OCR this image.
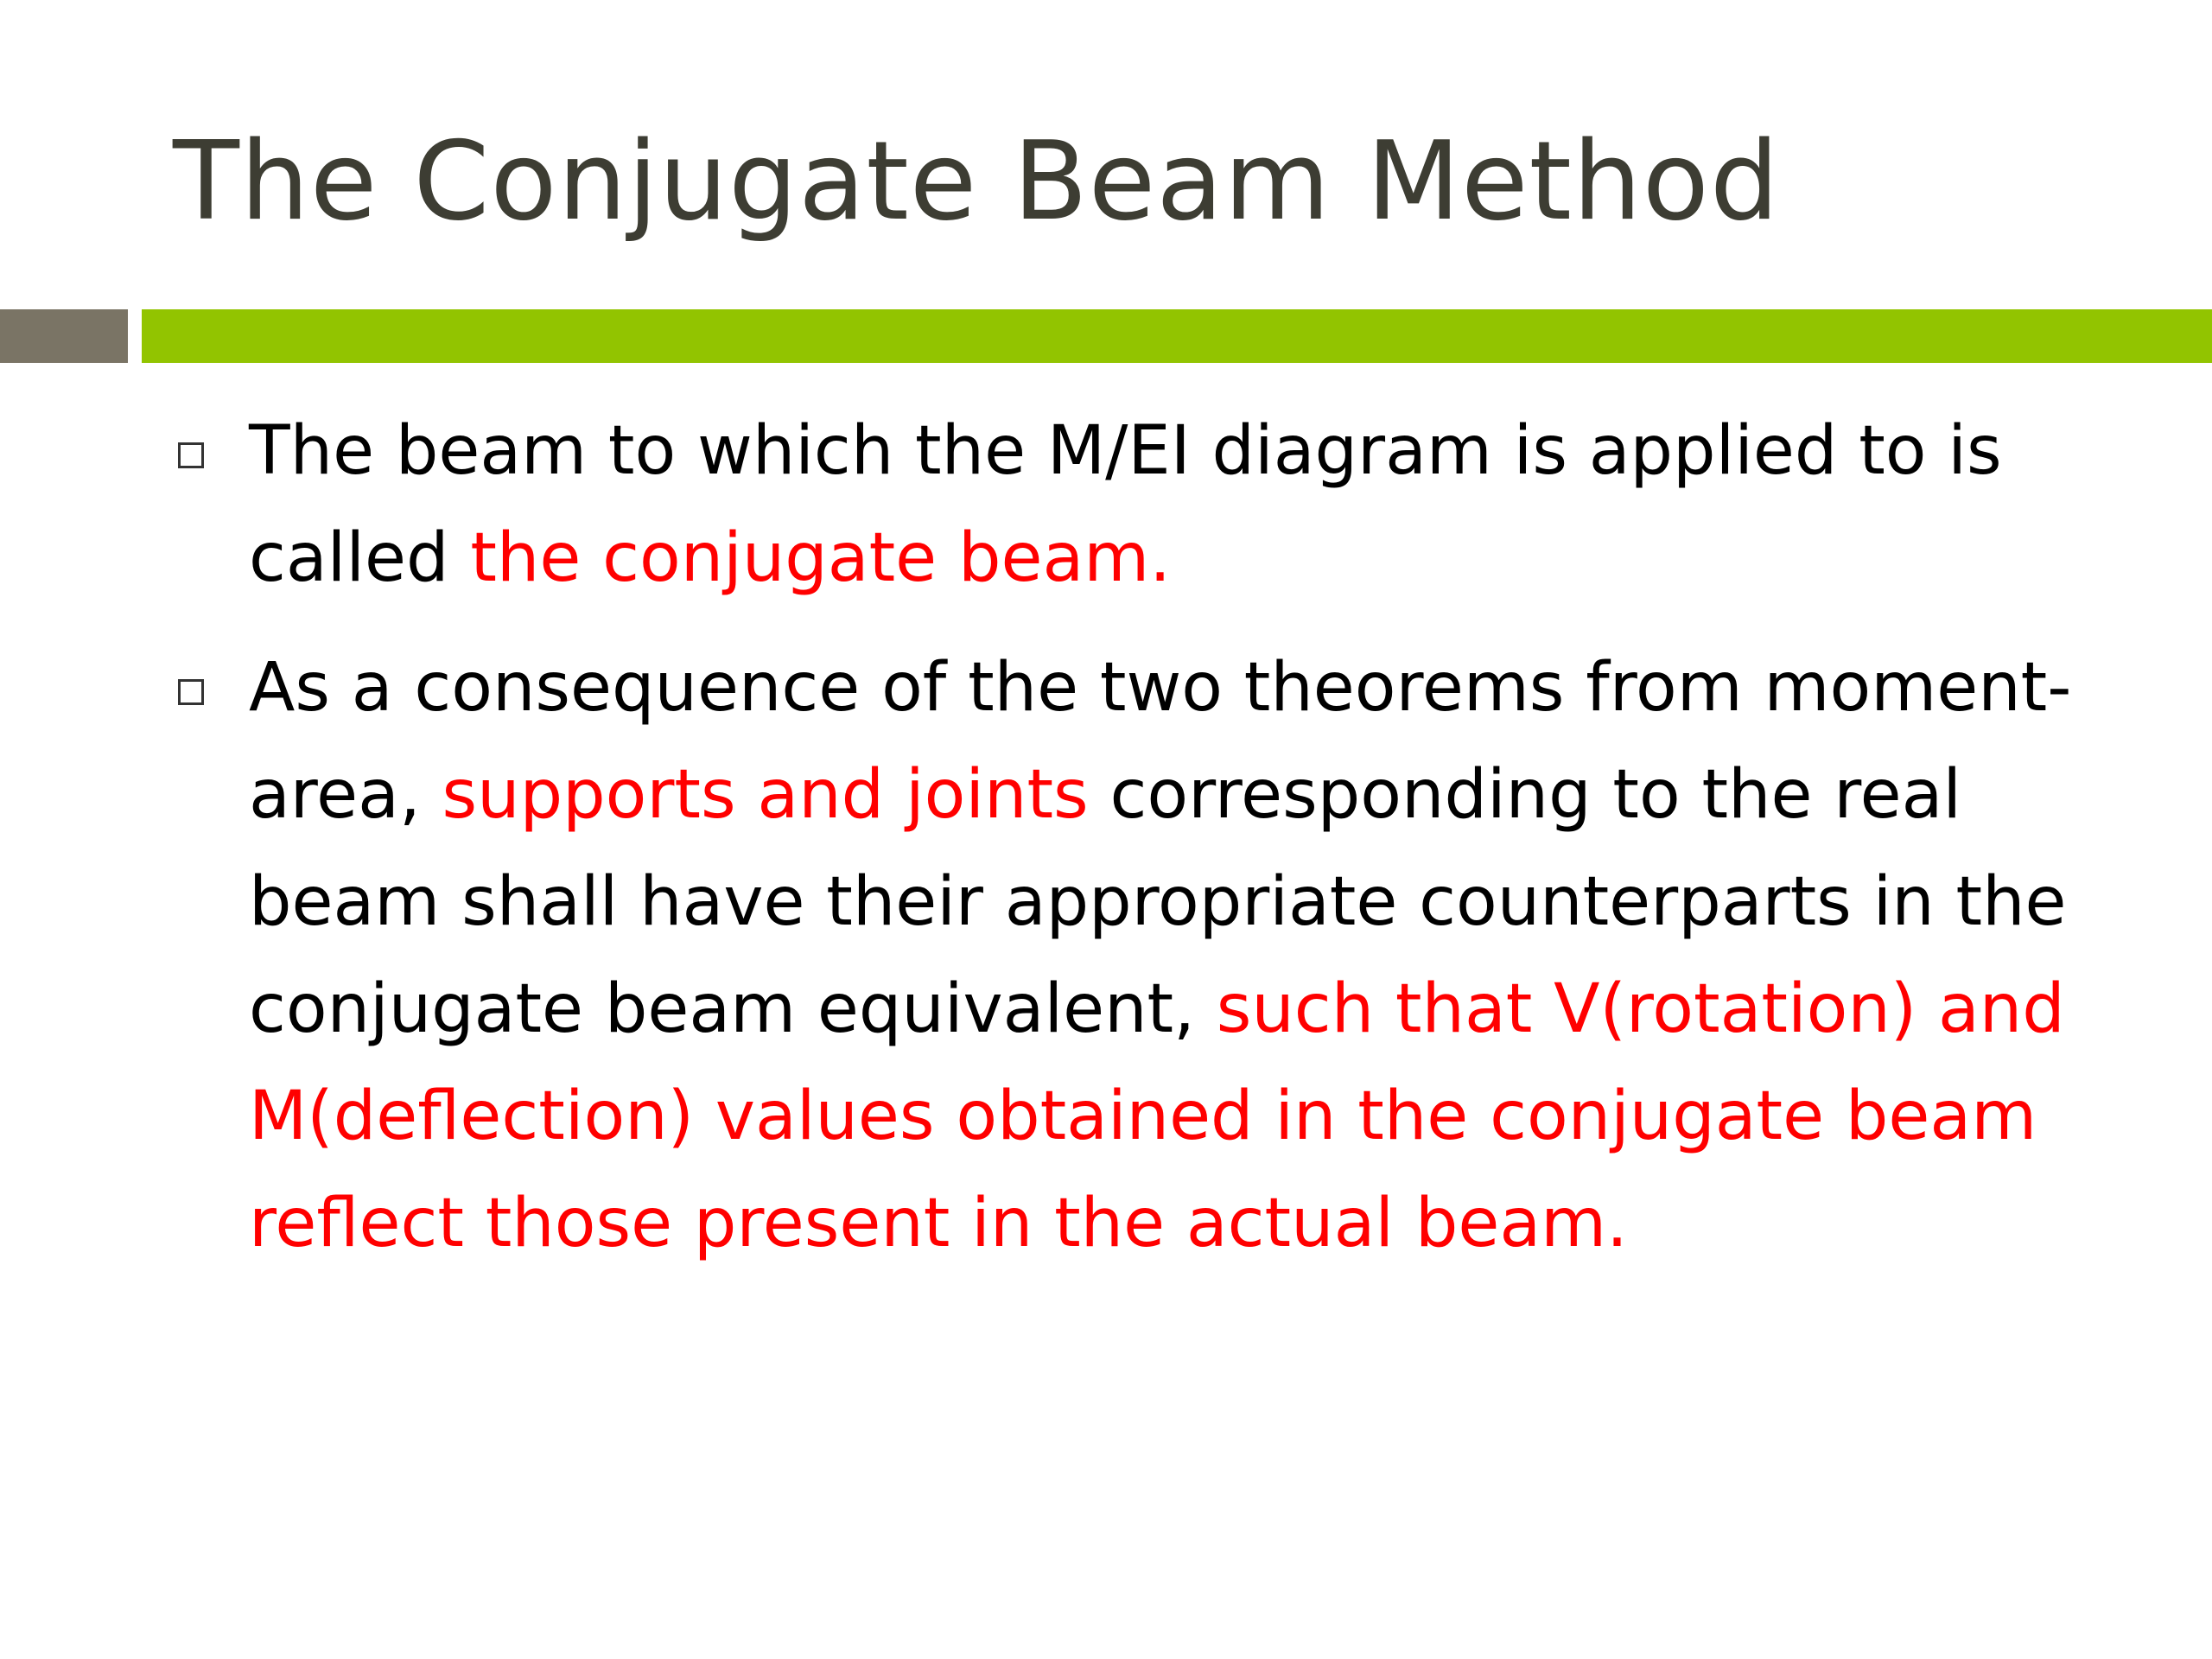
The Conjugate Beam Method
The beam to which the M/EI diagram is applied to is called the conjugate beam.
As a consequence of the two theorems from moment-area, supports and joints corresponding to the real beam shall have their appropriate counterparts in the conjugate beam equivalent, such that V(rotation) and M(deflection) values obtained in the conjugate beam reflect those present in the actual beam.
